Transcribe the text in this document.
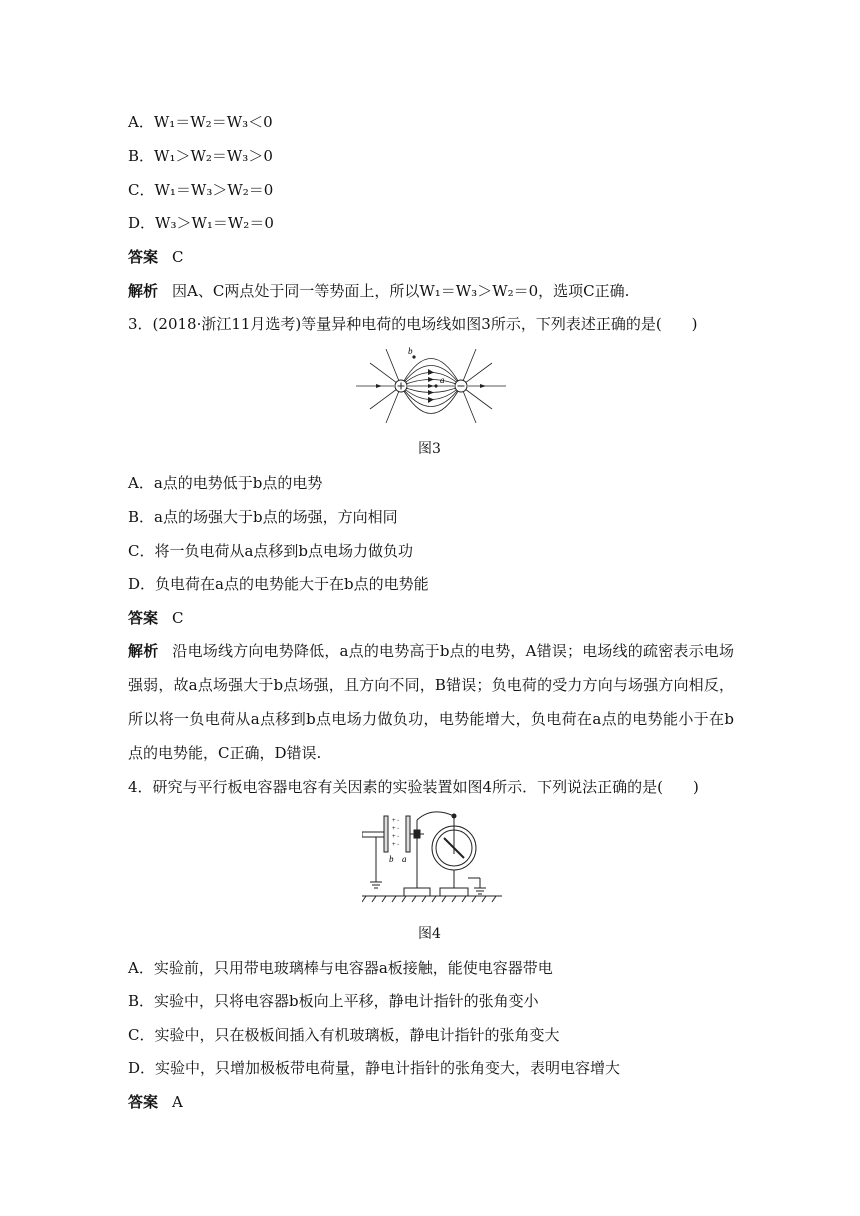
A．W₁＝W₂＝W₃＜0
B．W₁＞W₂＝W₃＞0
C．W₁＝W₃＞W₂＝0
D．W₃＞W₁＝W₂＝0
答案 C
解析 因A、C两点处于同一等势面上，所以W₁＝W₃＞W₂＝0，选项C正确.
3．(2018·浙江11月选考)等量异种电荷的电场线如图3所示，下列表述正确的是(　　)
a
b
图3
A．a点的电势低于b点的电势
B．a点的场强大于b点的场强，方向相同
C．将一负电荷从a点移到b点电场力做负功
D．负电荷在a点的电势能大于在b点的电势能
答案 C
解析 沿电场线方向电势降低，a点的电势高于b点的电势，A错误；电场线的疏密表示电场强弱，故a点场强大于b点场强，且方向不同，B错误；负电荷的受力方向与场强方向相反，所以将一负电荷从a点移到b点电场力做负功，电势能增大，负电荷在a点的电势能小于在b点的电势能，C正确，D错误.
4．研究与平行板电容器电容有关因素的实验装置如图4所示．下列说法正确的是(　　)
+ -
+ -
+ -
+ -
b a
图4
A．实验前，只用带电玻璃棒与电容器a板接触，能使电容器带电
B．实验中，只将电容器b板向上平移，静电计指针的张角变小
C．实验中，只在极板间插入有机玻璃板，静电计指针的张角变大
D．实验中，只增加极板带电荷量，静电计指针的张角变大，表明电容增大
答案 A
